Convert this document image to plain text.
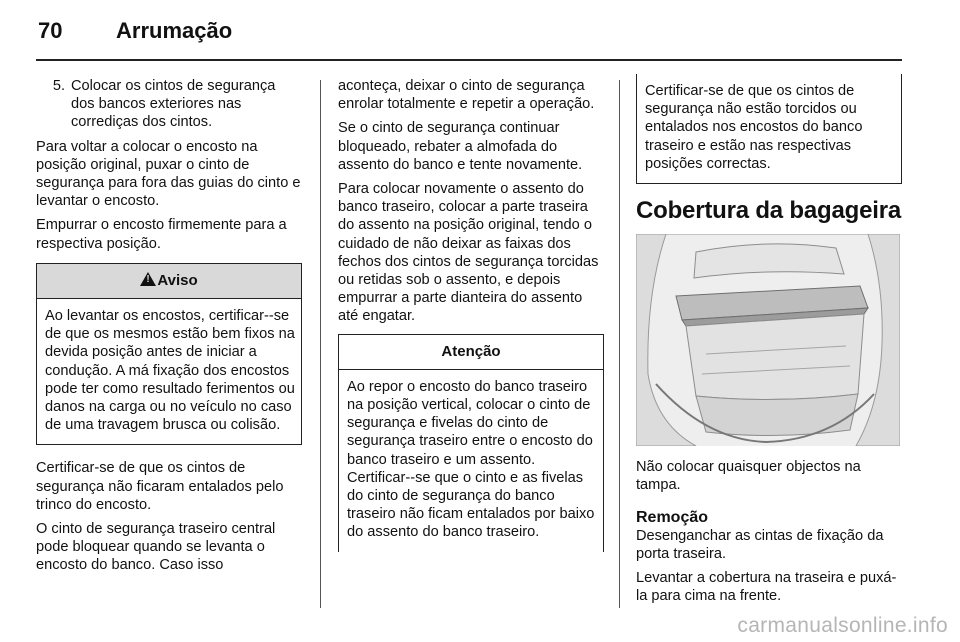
70 Arrumação
5. Colocar os cintos de segurança dos bancos exteriores nas corrediças dos cintos.

Para voltar a colocar o encosto na posição original, puxar o cinto de segurança para fora das guias do cinto e levantar o encosto.

Empurrar o encosto firmemente para a respectiva posição.

!Aviso
Ao levantar os encostos, certificar--se de que os mesmos estão bem fixos na devida posição antes de iniciar a condução. A má fixação dos encostos pode ter como resultado ferimentos ou danos na carga ou no veículo no caso de uma travagem brusca ou colisão.

Certificar-se de que os cintos de segurança não ficaram entalados pelo trinco do encosto.

O cinto de segurança traseiro central pode bloquear quando se levanta o encosto do banco. Caso isso

aconteça, deixar o cinto de segurança enrolar totalmente e repetir a operação.

Se o cinto de segurança continuar bloqueado, rebater a almofada do assento do banco e tente novamente.

Para colocar novamente o assento do banco traseiro, colocar a parte traseira do assento na posição original, tendo o cuidado de não deixar as faixas dos fechos dos cintos de segurança torcidas ou retidas sob o assento, e depois empurrar a parte dianteira do assento até engatar.

Atenção
Ao repor o encosto do banco traseiro na posição vertical, colocar o cinto de segurança e fivelas do cinto de segurança traseiro entre o encosto do banco traseiro e um assento. Certificar--se que o cinto e as fivelas do cinto de segurança do banco traseiro não ficam entalados por baixo do assento do banco traseiro.
Certificar-se de que os cintos de segurança não estão torcidos ou entalados nos encostos do banco traseiro e estão nas respectivas posições correctas.
Cobertura da bagageira

Não colocar quaisquer objectos na tampa.

Remoção

Desenganchar as cintas de fixação da porta traseira.

Levantar a cobertura na traseira e puxá-la para cima na frente.

carmanualsonline.info
